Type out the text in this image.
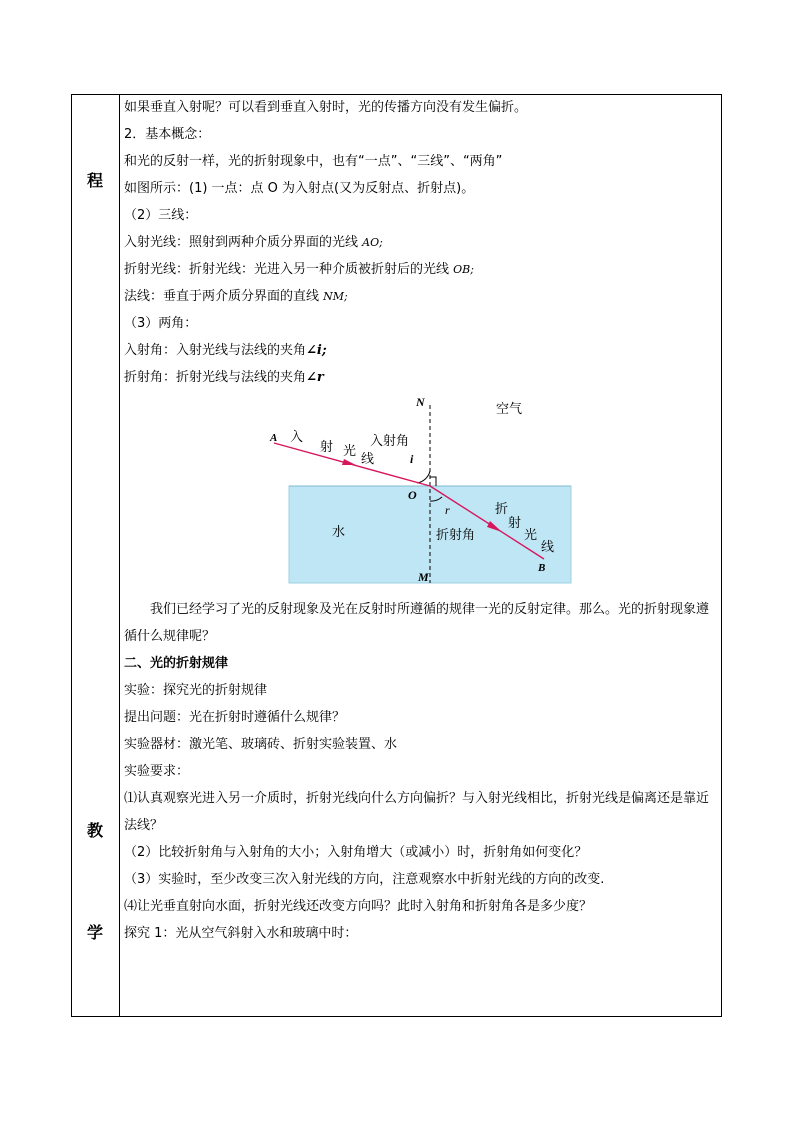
程
教
学
如果垂直入射呢？可以看到垂直入射时，光的传播方向没有发生偏折。
2．基本概念：
和光的反射一样，光的折射现象中，也有“一点”、“三线”、“两角”
如图所示：(1) 一点：点 O 为入射点(又为反射点、折射点)。
（2）三线：
入射光线：照射到两种介质分界面的光线 AO;
折射光线：折射光线：光进入另一种介质被折射后的光线 OB;
法线：垂直于两介质分界面的直线 NM;
（3）两角：
入射角：入射光线与法线的夹角∠i;
折射角：折射光线与法线的夹角∠r
N	空气
A 入
射 光
线
入射角
i
O
r	折
射
光
线
水	折射角
B
M
我们已经学习了光的反射现象及光在反射时所遵循的规律一光的反射定律。那么。光的折射现象遵循什么规律呢？
二、光的折射规律
实验：探究光的折射规律
提出问题：光在折射时遵循什么规律？
实验器材：激光笔、玻璃砖、折射实验装置、水
实验要求：
⑴认真观察光进入另一介质时，折射光线向什么方向偏折？与入射光线相比，折射光线是偏离还是靠近法线？
（2）比较折射角与入射角的大小；入射角增大（或减小）时，折射角如何变化？
（3）实验时，至少改变三次入射光线的方向，注意观察水中折射光线的方向的改变.
⑷让光垂直射向水面，折射光线还改变方向吗？此时入射角和折射角各是多少度？
探究 1：光从空气斜射入水和玻璃中时：
